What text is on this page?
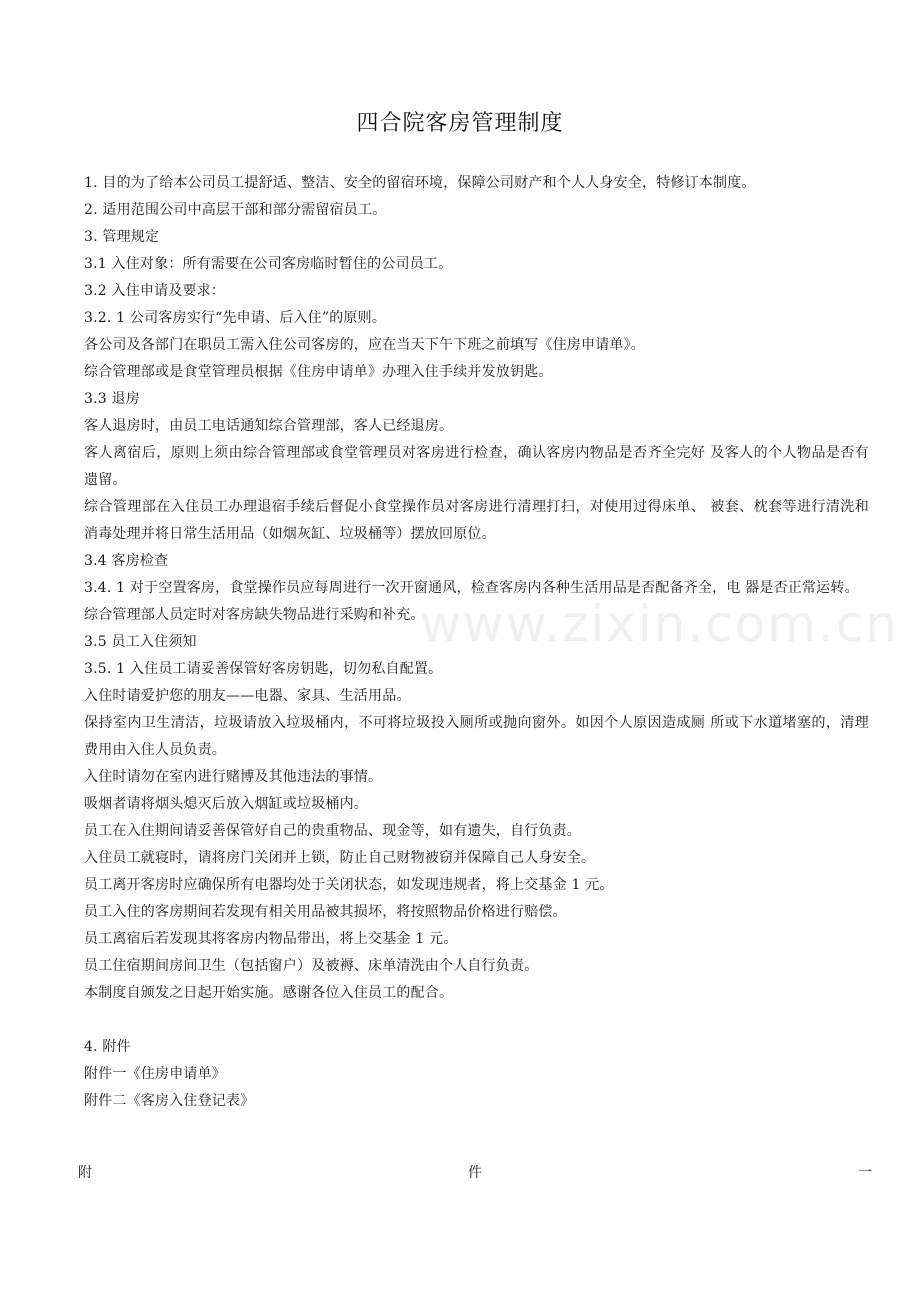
四合院客房管理制度
www.zixin.com.cn

1. 目的为了给本公司员工提舒适、整洁、安全的留宿环境，保障公司财产和个人人身安全，特修订本制度。

2. 适用范围公司中高层干部和部分需留宿员工。

3. 管理规定

3.1 入住对象：所有需要在公司客房临时暂住的公司员工。

3.2 入住申请及要求：

3.2. 1 公司客房实行“先申请、后入住”的原则。

各公司及各部门在职员工需入住公司客房的，应在当天下午下班之前填写《住房申请单》。

综合管理部或是食堂管理员根据《住房申请单》办理入住手续并发放钥匙。

3.3 退房

客人退房时，由员工电话通知综合管理部，客人已经退房。

客人离宿后，原则上须由综合管理部或食堂管理员对客房进行检查，确认客房内物品是否齐全完好 及客人的个人物品是否有遗留。

综合管理部在入住员工办理退宿手续后督促小食堂操作员对客房进行清理打扫，对使用过得床单、 被套、枕套等进行清洗和消毒处理并将日常生活用品（如烟灰缸、垃圾桶等）摆放回原位。

3.4 客房检查

3.4. 1 对于空置客房，食堂操作员应每周进行一次开窗通风，检查客房内各种生活用品是否配备齐全，电 器是否正常运转。

综合管理部人员定时对客房缺失物品进行采购和补充。

3.5 员工入住须知

3.5. 1 入住员工请妥善保管好客房钥匙，切勿私自配置。

入住时请爱护您的朋友——电器、家具、生活用品。

保持室内卫生清洁，垃圾请放入垃圾桶内，不可将垃圾投入厕所或抛向窗外。如因个人原因造成厕 所或下水道堵塞的，清理费用由入住人员负责。

入住时请勿在室内进行赌博及其他违法的事情。

吸烟者请将烟头熄灭后放入烟缸或垃圾桶内。

员工在入住期间请妥善保管好自己的贵重物品、现金等，如有遗失，自行负责。

入住员工就寝时，请将房门关闭并上锁，防止自己财物被窃并保障自己人身安全。

员工离开客房时应确保所有电器均处于关闭状态，如发现违规者，将上交基金 1 元。

员工入住的客房期间若发现有相关用品被其损坏，将按照物品价格进行赔偿。

员工离宿后若发现其将客房内物品带出，将上交基金 1 元。

员工住宿期间房间卫生（包括窗户）及被褥、床单清洗由个人自行负责。

本制度自颁发之日起开始实施。感谢各位入住员工的配合。

4. 附件

附件一《住房申请单》

附件二《客房入住登记表》

附	件	一
